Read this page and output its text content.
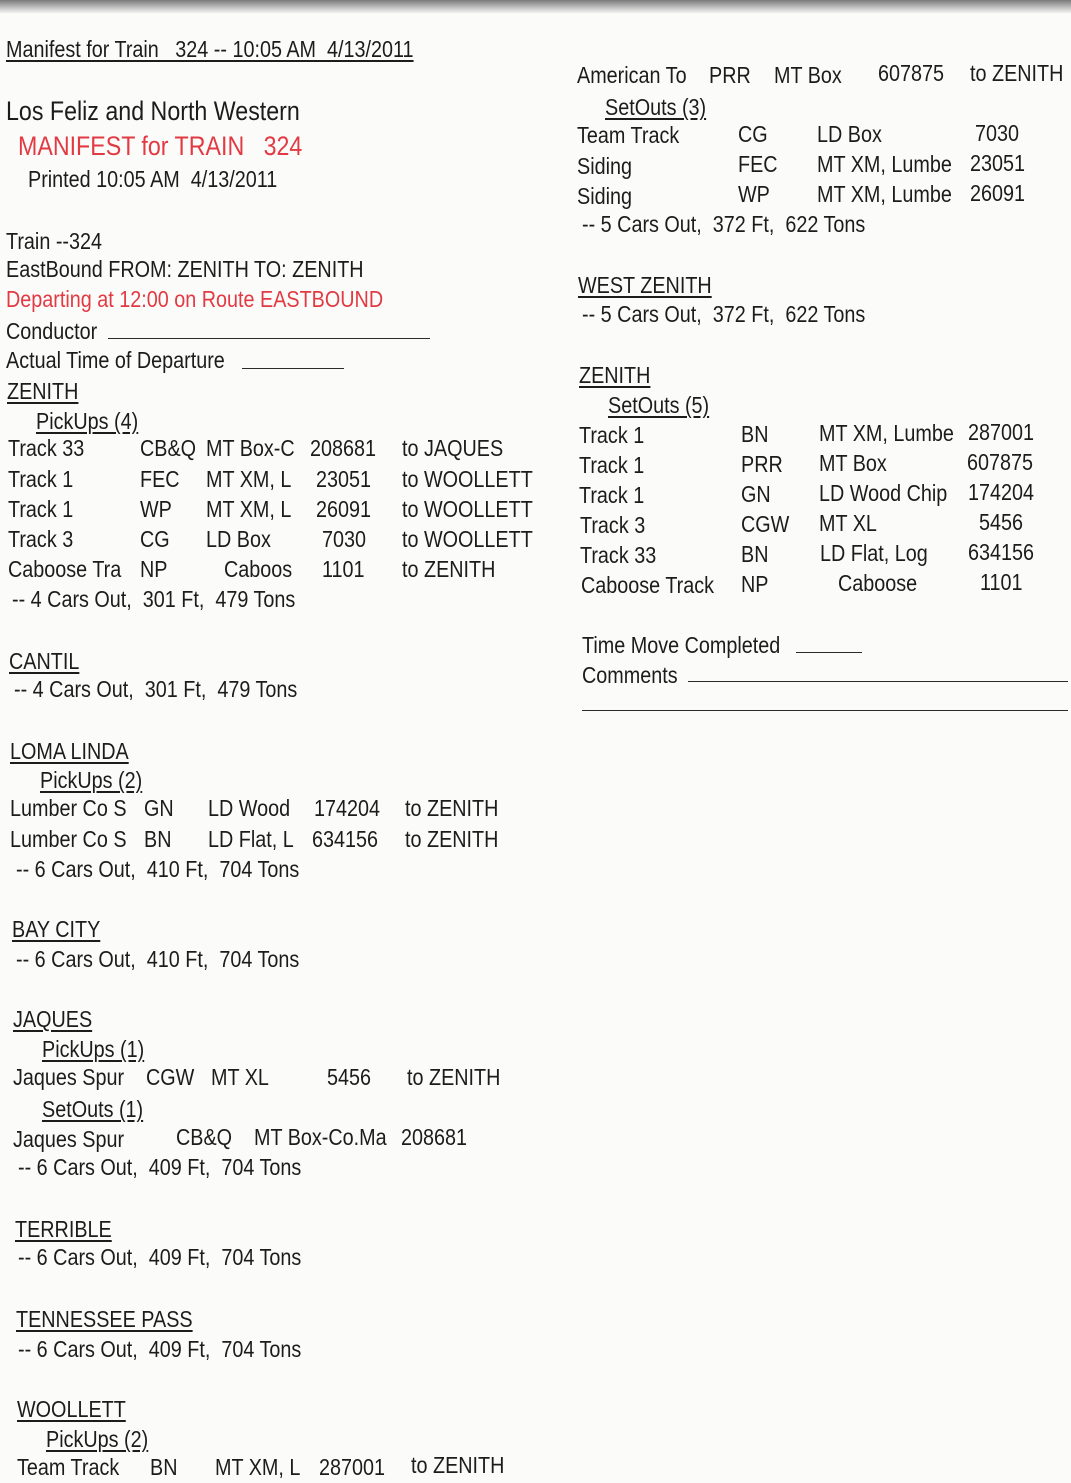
Manifest for Train   324 -- 10:05 AM  4/13/2011
Los Feliz and North Western
MANIFEST for TRAIN   324
Printed 10:05 AM  4/13/2011
Train --324
EastBound FROM: ZENITH TO: ZENITH
Departing at 12:00 on Route EASTBOUND
Conductor
Actual Time of Departure
ZENITH
PickUps (4)
Track 33 CB&Q MT Box-C 208681 to JAQUES
Track 1	FEC MT XM, L 23051 to WOOLLETT
Track 1	WP MT XM, L 26091 to WOOLLETT
Track 3	CG LD Box 7030 to WOOLLETT
Caboose Tra NP Caboos 1101 to ZENITH
-- 4 Cars Out,  301 Ft,  479 Tons
CANTIL
-- 4 Cars Out,  301 Ft,  479 Tons
LOMA LINDA
PickUps (2)
Lumber Co S GN LD Wood 174204 to ZENITH
Lumber Co S BN LD Flat, L 634156 to ZENITH
-- 6 Cars Out,  410 Ft,  704 Tons
BAY CITY
-- 6 Cars Out,  410 Ft,  704 Tons
JAQUES
PickUps (1)
Jaques Spur CGW MT XL	5456 to ZENITH
SetOuts (1)
Jaques Spur CB&Q MT Box-Co.Ma 208681
-- 6 Cars Out,  409 Ft,  704 Tons
TERRIBLE
-- 6 Cars Out,  409 Ft,  704 Tons
TENNESSEE PASS
-- 6 Cars Out,  409 Ft,  704 Tons
WOOLLETT
PickUps (2)
Team Track BN MT XM, L 287001 to ZENITH
American To PRR MT Box 607875 to ZENITH
SetOuts (3)
Team Track	CG LD Box	7030
Siding	FEC MT XM, Lumbe 23051
Siding	WP MT XM, Lumbe 26091
-- 5 Cars Out,  372 Ft,  622 Tons
WEST ZENITH
-- 5 Cars Out,  372 Ft,  622 Tons
ZENITH
SetOuts (5)
Track 1	BN MT XM, Lumbe 287001
Track 1	PRR MT Box	607875
Track 1	GN LD Wood Chip 174204
Track 3	CGW MT XL	5456
Track 33	BN LD Flat, Log 634156
Caboose Track NP	Caboose	1101
Time Move Completed
Comments
